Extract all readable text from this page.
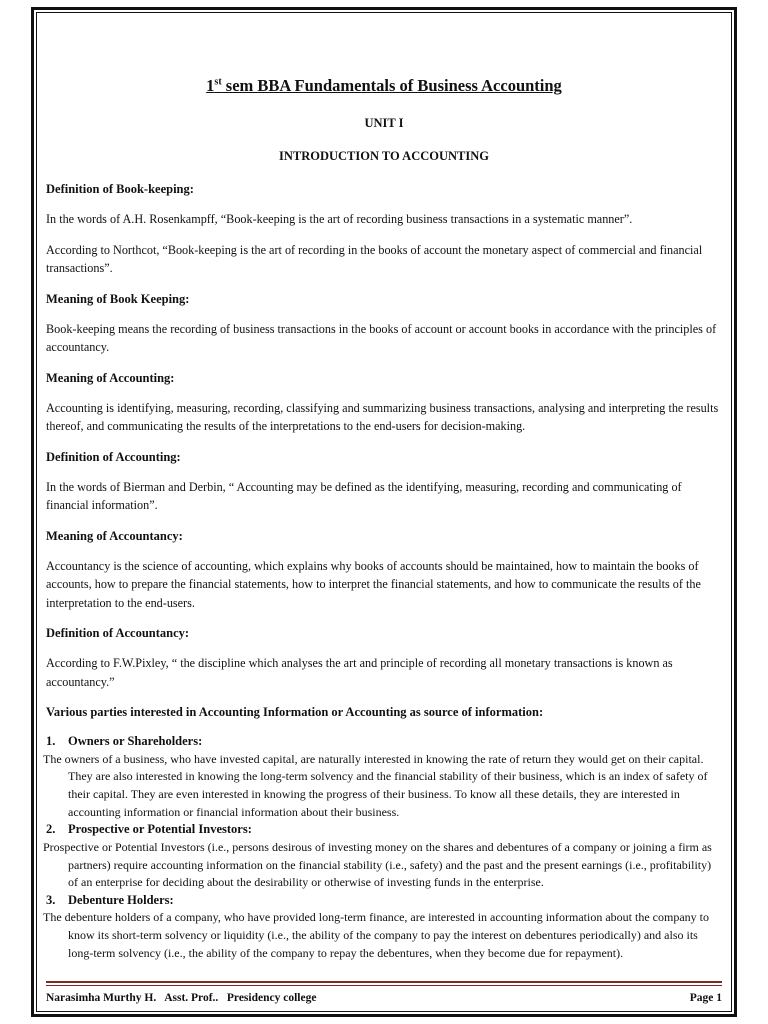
1st sem BBA Fundamentals of Business Accounting

UNIT I

INTRODUCTION TO ACCOUNTING

Definition of Book-keeping:

In the words of A.H. Rosenkampff, “Book-keeping is the art of recording business transactions in a systematic manner”.

According to Northcot, “Book-keeping is the art of recording in the books of account the monetary aspect of commercial and financial transactions”.

Meaning of Book Keeping:

Book-keeping means the recording of business transactions in the books of account or account books in accordance with the principles of accountancy.

Meaning of Accounting:

Accounting is identifying, measuring, recording, classifying and summarizing business transactions, analysing and interpreting the results thereof, and communicating the results of the interpretations to the end-users for decision-making.

Definition of Accounting:

In the words of Bierman and Derbin, “ Accounting may be defined as the identifying, measuring, recording and communicating of financial information”.

Meaning of Accountancy:

Accountancy is the science of accounting, which explains why books of accounts should be maintained, how to maintain the books of accounts, how to prepare the financial statements, how to interpret the financial statements, and how to communicate the results of the interpretation to the end-users.

Definition of Accountancy:

According to F.W.Pixley, “ the discipline which analyses the art and principle of recording all monetary transactions is known as accountancy.”

Various parties interested in Accounting Information or Accounting as source of information:

1. Owners or Shareholders:

The owners of a business, who have invested capital, are naturally interested in knowing the rate of return they would get on their capital. They are also interested in knowing the long-term solvency and the financial stability of their business, which is an index of safety of their capital. They are even interested in knowing the progress of their business. To know all these details, they are interested in accounting information or financial information about their business.

2. Prospective or Potential Investors:

Prospective or Potential Investors (i.e., persons desirous of investing money on the shares and debentures of a company or joining a firm as partners) require accounting information on the financial stability (i.e., safety) and the past and the present earnings (i.e., profitability) of an enterprise for deciding about the desirability or otherwise of investing funds in the enterprise.

3. Debenture Holders:

The debenture holders of a company, who have provided long-term finance, are interested in accounting information about the company to know its short-term solvency or liquidity (i.e., the ability of the company to pay the interest on debentures periodically) and also its long-term solvency (i.e., the ability of the company to repay the debentures, when they become due for repayment).

Narasimha Murthy H.   Asst. Prof..   Presidency college	Page 1
